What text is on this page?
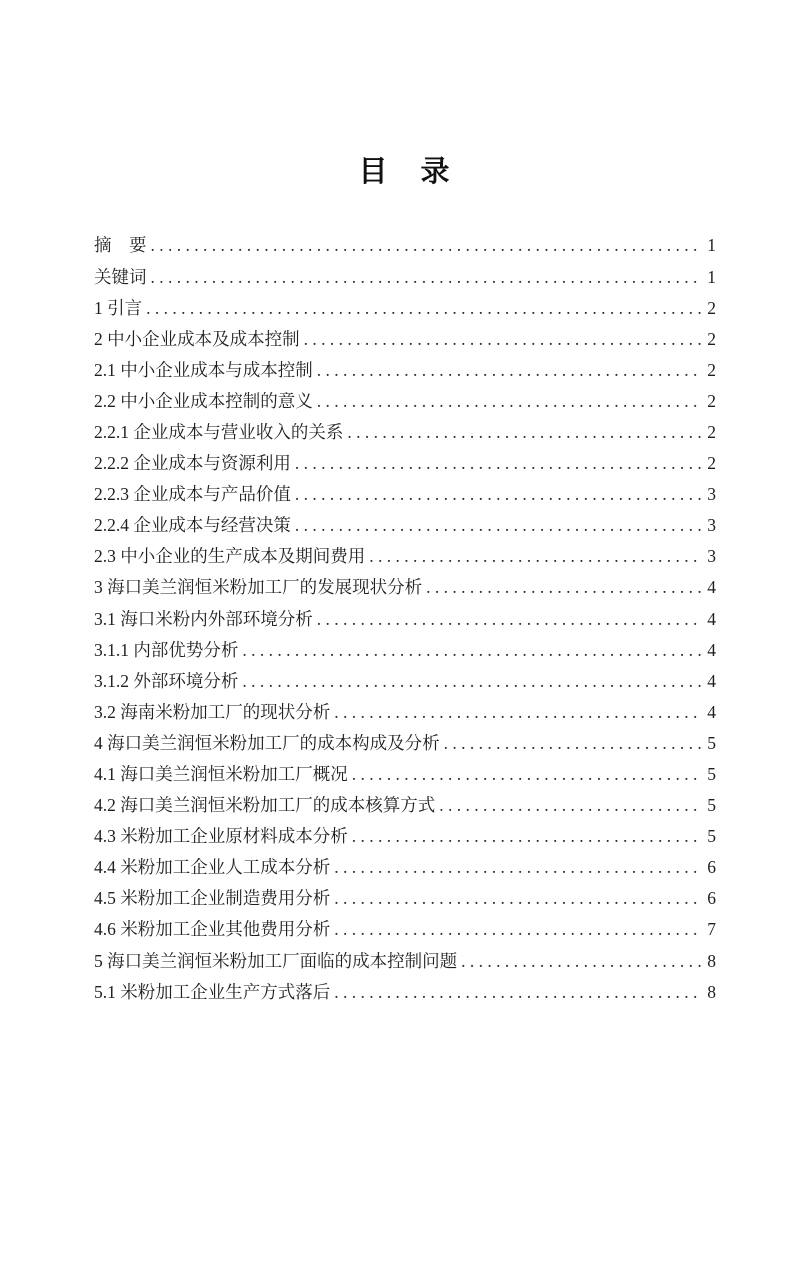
目　录
摘　要 . . .	1
关键词 . . .	1
1 引言 . . .	2
2 中小企业成本及成本控制 . . .	2
2.1 中小企业成本与成本控制 . . .	2
2.2 中小企业成本控制的意义 . . .	2
2.2.1 企业成本与营业收入的关系 . . .	2
2.2.2 企业成本与资源利用 . . .	2
2.2.3 企业成本与产品价值 . . .	3
2.2.4 企业成本与经营决策 . . .	3
2.3 中小企业的生产成本及期间费用 . . .	3
3 海口美兰润恒米粉加工厂的发展现状分析 . . .	4
3.1 海口米粉内外部环境分析 . . .	4
3.1.1 内部优势分析 . . .	4
3.1.2 外部环境分析 . . .	4
3.2 海南米粉加工厂的现状分析 . . .	4
4 海口美兰润恒米粉加工厂的成本构成及分析 . . .	5
4.1 海口美兰润恒米粉加工厂概况 . . .	5
4.2 海口美兰润恒米粉加工厂的成本核算方式 . . .	5
4.3 米粉加工企业原材料成本分析 . . .	5
4.4 米粉加工企业人工成本分析 . . .	6
4.5 米粉加工企业制造费用分析 . . .	6
4.6 米粉加工企业其他费用分析 . . .	7
5 海口美兰润恒米粉加工厂面临的成本控制问题 . . .	8
5.1 米粉加工企业生产方式落后 . . .	8
